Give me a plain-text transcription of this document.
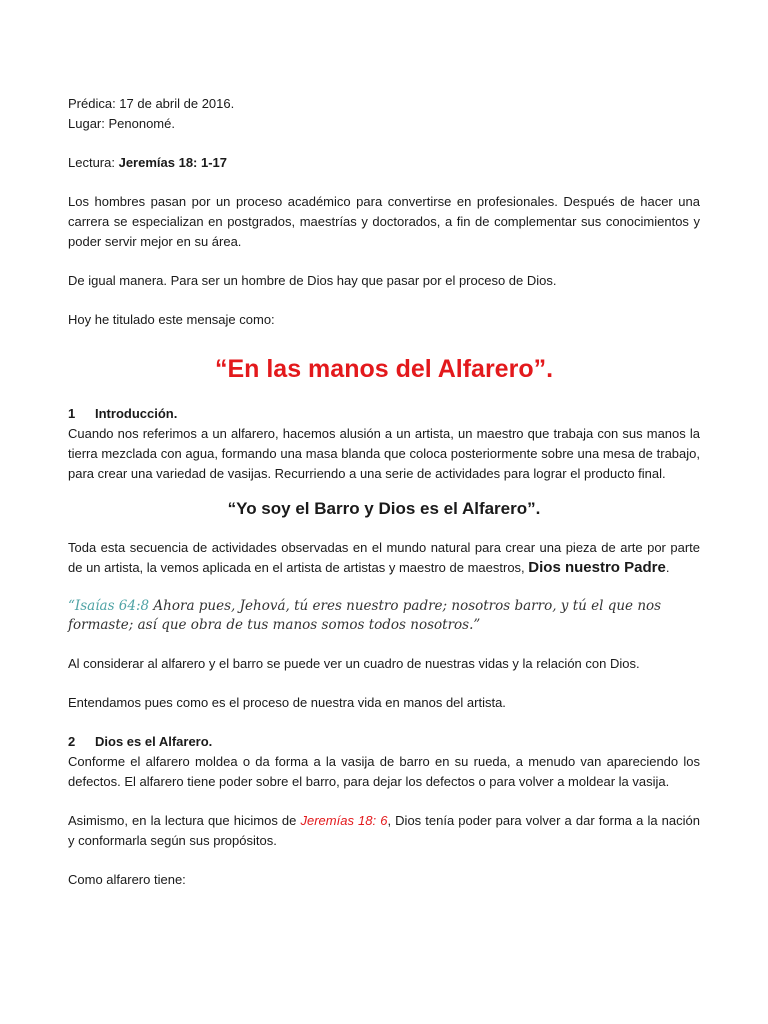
Prédica: 17 de abril de 2016.

Lugar: Penonomé.

Lectura: Jeremías 18: 1-17

Los hombres pasan por un proceso académico para convertirse en profesionales. Después de hacer una carrera se especializan en postgrados, maestrías y doctorados, a fin de complementar sus conocimientos y poder servir mejor en su área.

De igual manera. Para ser un hombre de Dios hay que pasar por el proceso de Dios.

Hoy he titulado este mensaje como:

“En las manos del Alfarero”.

1 Introducción.

Cuando nos referimos a un alfarero, hacemos alusión a un artista, un maestro que trabaja con sus manos la tierra mezclada con agua, formando una masa blanda que coloca posteriormente sobre una mesa de trabajo, para crear una variedad de vasijas. Recurriendo a una serie de actividades para lograr el producto final.

“Yo soy el Barro y Dios es el Alfarero”.

Toda esta secuencia de actividades observadas en el mundo natural para crear una pieza de arte por parte de un artista, la vemos aplicada en el artista de artistas y maestro de maestros, Dios nuestro Padre.

“Isaías 64:8 Ahora pues, Jehová, tú eres nuestro padre; nosotros barro, y tú el que nos formaste; así que obra de tus manos somos todos nosotros.”

Al considerar al alfarero y el barro se puede ver un cuadro de nuestras vidas y la relación con Dios.

Entendamos pues como es el proceso de nuestra vida en manos del artista.

2 Dios es el Alfarero.

Conforme el alfarero moldea o da forma a la vasija de barro en su rueda, a menudo van apareciendo los defectos. El alfarero tiene poder sobre el barro, para dejar los defectos o para volver a moldear la vasija.

Asimismo, en la lectura que hicimos de Jeremías 18: 6, Dios tenía poder para volver a dar forma a la nación y conformarla según sus propósitos.

Como alfarero tiene:
